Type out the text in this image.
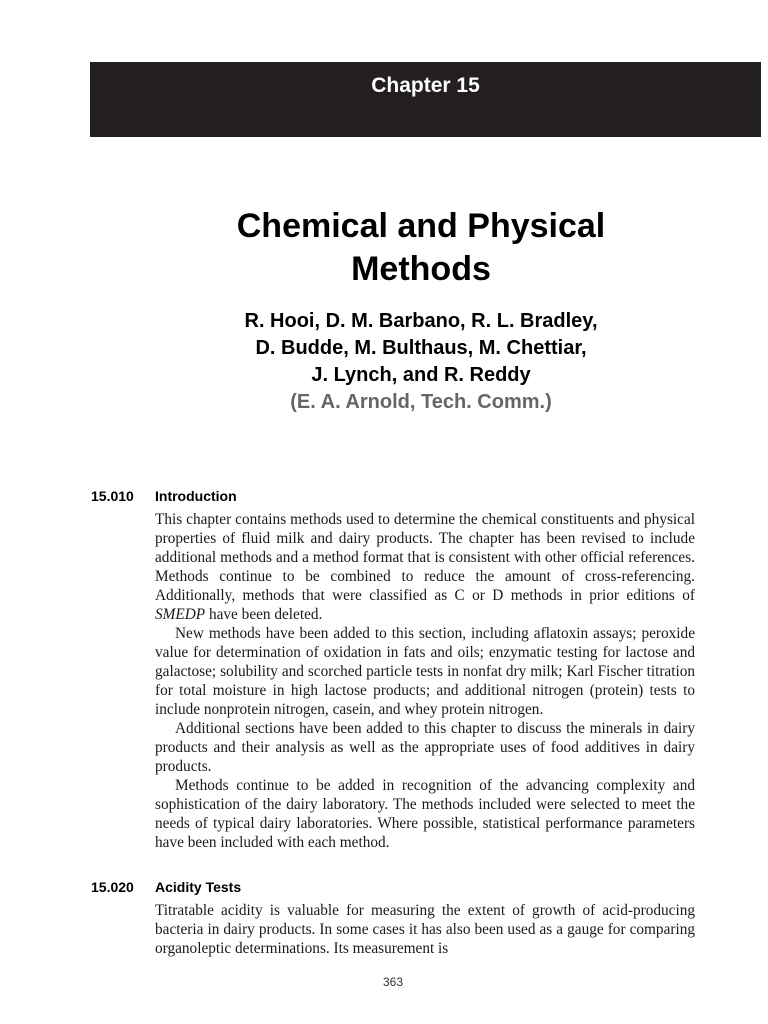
Chapter 15
Chemical and Physical
Methods
R. Hooi, D. M. Barbano, R. L. Bradley,
D. Budde, M. Bulthaus, M. Chettiar,
J. Lynch, and R. Reddy
(E. A. Arnold, Tech. Comm.)
15.010 Introduction

This chapter contains methods used to determine the chemical constituents and physical properties of fluid milk and dairy products. The chapter has been revised to include additional methods and a method format that is consistent with other official references. Methods continue to be combined to reduce the amount of cross-referencing. Additionally, methods that were classified as C or D methods in prior editions of SMEDP have been deleted.

New methods have been added to this section, including aflatoxin assays; peroxide value for determination of oxidation in fats and oils; enzymatic testing for lactose and galactose; solubility and scorched particle tests in nonfat dry milk; Karl Fischer titration for total moisture in high lactose products; and additional nitrogen (protein) tests to include nonprotein nitrogen, casein, and whey protein nitrogen.

Additional sections have been added to this chapter to discuss the minerals in dairy products and their analysis as well as the appropriate uses of food additives in dairy products.

Methods continue to be added in recognition of the advancing complexity and sophistication of the dairy laboratory. The methods included were selected to meet the needs of typical dairy laboratories. Where possible, statistical performance parameters have been included with each method.

15.020 Acidity Tests

Titratable acidity is valuable for measuring the extent of growth of acid-producing bacteria in dairy products. In some cases it has also been used as a gauge for comparing organoleptic determinations. Its measurement is

363
